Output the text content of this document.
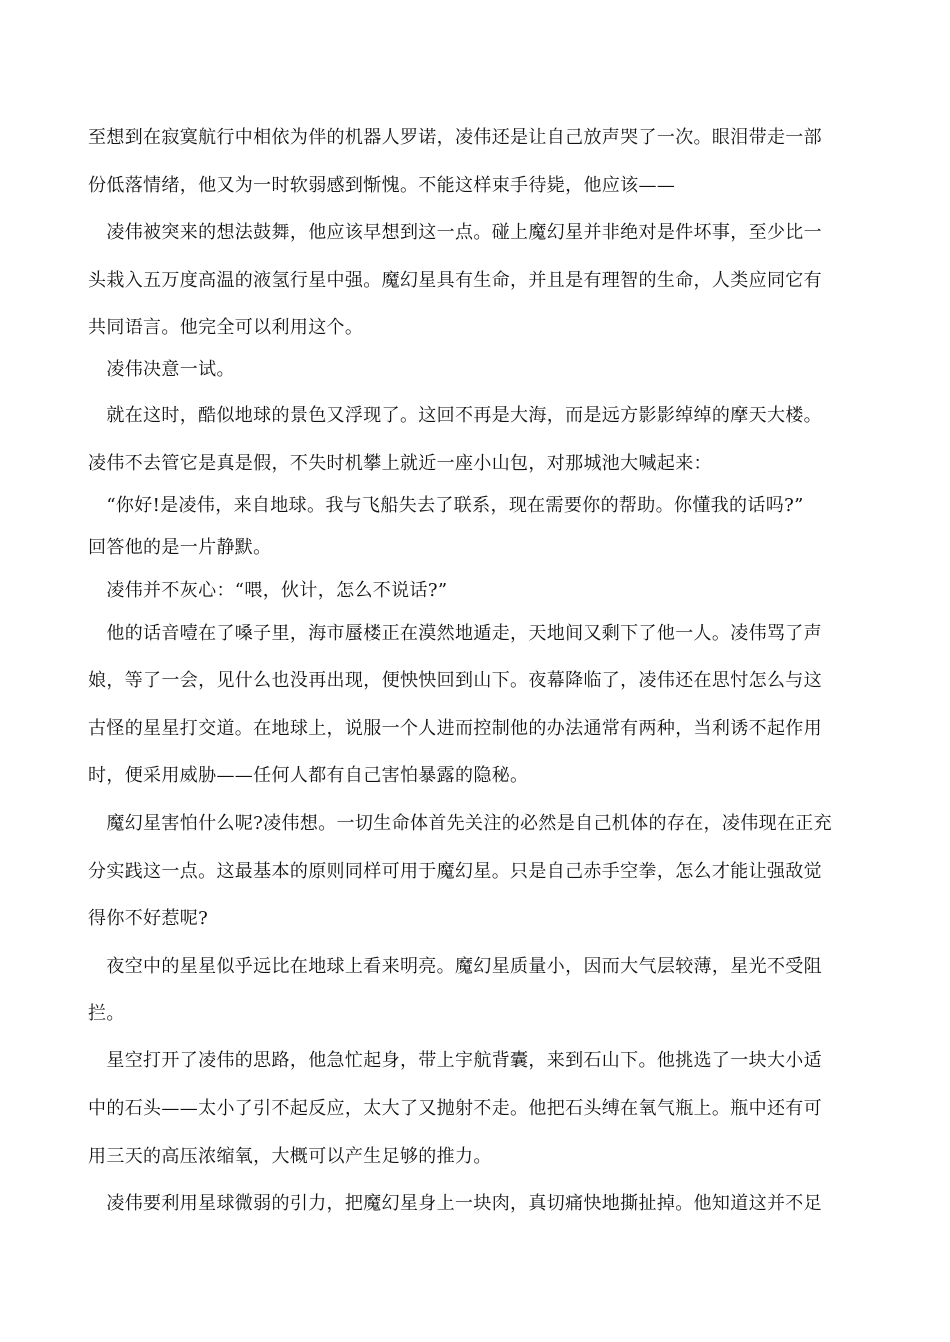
至想到在寂寞航行中相依为伴的机器人罗诺，凌伟还是让自己放声哭了一次。眼泪带走一部
份低落情绪，他又为一时软弱感到惭愧。不能这样束手待毙，他应该——
　凌伟被突来的想法鼓舞，他应该早想到这一点。碰上魔幻星并非绝对是件坏事，至少比一
头栽入五万度高温的液氢行星中强。魔幻星具有生命，并且是有理智的生命，人类应同它有
共同语言。他完全可以利用这个。
　凌伟决意一试。
　就在这时，酷似地球的景色又浮现了。这回不再是大海，而是远方影影绰绰的摩天大楼。
凌伟不去管它是真是假，不失时机攀上就近一座小山包，对那城池大喊起来：
　“你好!是凌伟，来自地球。我与飞船失去了联系，现在需要你的帮助。你懂我的话吗?”
回答他的是一片静默。
　凌伟并不灰心：“喂，伙计，怎么不说话?”
　他的话音噎在了嗓子里，海市蜃楼正在漠然地遁走，天地间又剩下了他一人。凌伟骂了声
娘，等了一会，见什么也没再出现，便怏怏回到山下。夜幕降临了，凌伟还在思忖怎么与这
古怪的星星打交道。在地球上，说服一个人进而控制他的办法通常有两种，当利诱不起作用
时，便采用威胁——任何人都有自己害怕暴露的隐秘。
　魔幻星害怕什么呢?凌伟想。一切生命体首先关注的必然是自己机体的存在，凌伟现在正充
分实践这一点。这最基本的原则同样可用于魔幻星。只是自己赤手空拳，怎么才能让强敌觉
得你不好惹呢?
　夜空中的星星似乎远比在地球上看来明亮。魔幻星质量小，因而大气层较薄，星光不受阻
拦。
　星空打开了凌伟的思路，他急忙起身，带上宇航背囊，来到石山下。他挑选了一块大小适
中的石头——太小了引不起反应，太大了又抛射不走。他把石头缚在氧气瓶上。瓶中还有可
用三天的高压浓缩氧，大概可以产生足够的推力。
　凌伟要利用星球微弱的引力，把魔幻星身上一块肉，真切痛快地撕扯掉。他知道这并不足
